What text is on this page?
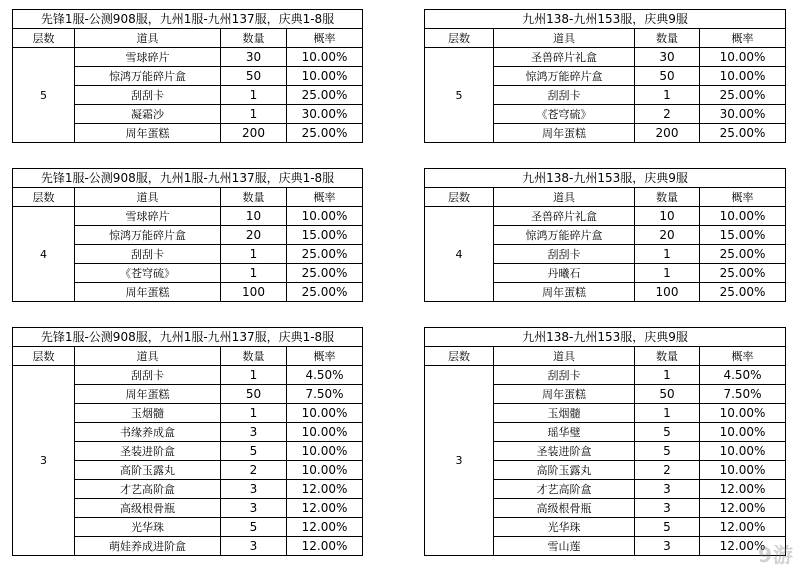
先锋1服-公测908服，九州1服-九州137服，庆典1-8服			
层数	道具	数量	概率
5	雪球碎片	30	10.00%
	惊鸿万能碎片盒	50	10.00%
	刮刮卡	1	25.00%
	凝霜沙	1	30.00%
	周年蛋糕	200	25.00%
九州138-九州153服，庆典9服			
层数	道具	数量	概率
5	圣兽碎片礼盒	30	10.00%
	惊鸿万能碎片盒	50	10.00%
	刮刮卡	1	25.00%
	《苍穹硫》	2	30.00%
	周年蛋糕	200	25.00%
先锋1服-公测908服，九州1服-九州137服，庆典1-8服			
层数	道具	数量	概率
4	雪球碎片	10	10.00%
	惊鸿万能碎片盒	20	15.00%
	刮刮卡	1	25.00%
	《苍穹硫》	1	25.00%
	周年蛋糕	100	25.00%
九州138-九州153服，庆典9服			
层数	道具	数量	概率
4	圣兽碎片礼盒	10	10.00%
	惊鸿万能碎片盒	20	15.00%
	刮刮卡	1	25.00%
	丹曦石	1	25.00%
	周年蛋糕	100	25.00%
先锋1服-公测908服，九州1服-九州137服，庆典1-8服			
层数	道具	数量	概率
3	刮刮卡	1	4.50%
	周年蛋糕	50	7.50%
	玉烟髓	1	10.00%
	书缘养成盒	3	10.00%
	圣装进阶盒	5	10.00%
	高阶玉露丸	2	10.00%
	才艺高阶盒	3	12.00%
	高级根骨瓶	3	12.00%
	光华珠	5	12.00%
	萌娃养成进阶盒	3	12.00%
九州138-九州153服，庆典9服			
层数	道具	数量	概率
3	刮刮卡	1	4.50%
	周年蛋糕	50	7.50%
	玉烟髓	1	10.00%
	瑶华璧	5	10.00%
	圣装进阶盒	5	10.00%
	高阶玉露丸	2	10.00%
	才艺高阶盒	3	12.00%
	高级根骨瓶	3	12.00%
	光华珠	5	12.00%
	雪山莲	3	12.00%
9游
